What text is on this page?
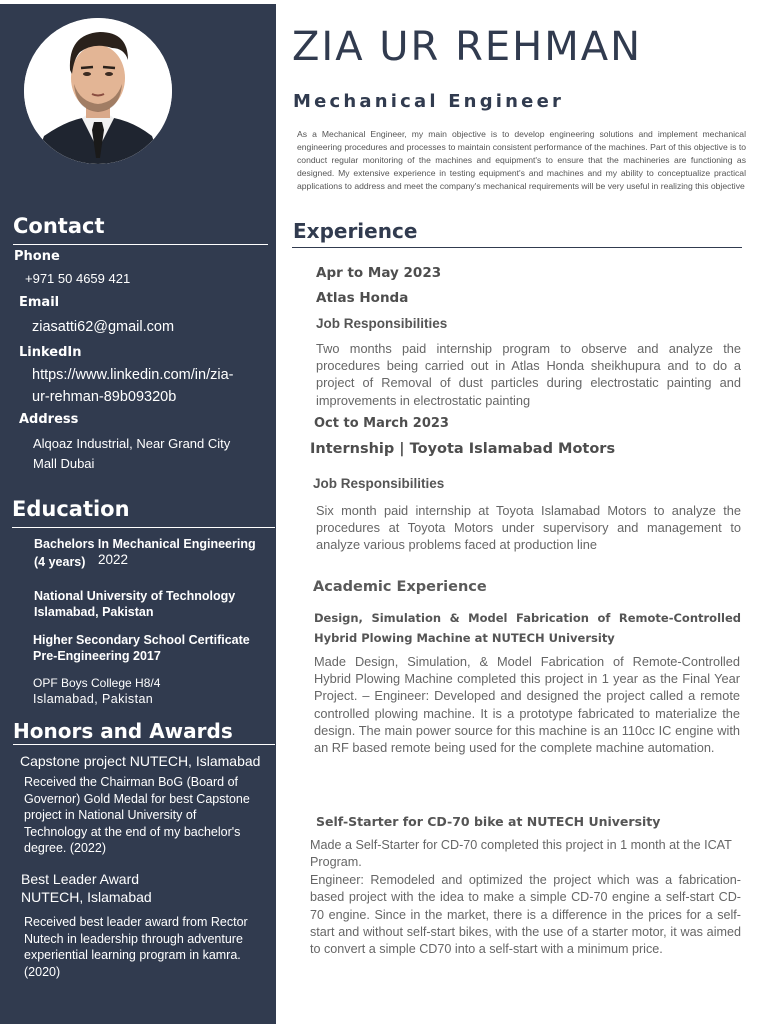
Contact
Phone
+971 50 4659 421
Email
ziasatti62@gmail.com
LinkedIn
https://www.linkedin.com/in/zia-
ur-rehman-89b09320b
Address
Alqoaz Industrial, Near Grand City
Mall Dubai
Education
Bachelors In Mechanical Engineering
(4 years) 2022
National University of Technology
Islamabad, Pakistan
Higher Secondary School Certificate
Pre-Engineering 2017
OPF Boys College H8/4
Islamabad, Pakistan
Honors and Awards
Capstone project NUTECH, Islamabad
Received the Chairman BoG (Board of Governor) Gold Medal for best Capstone project in National University of Technology at the end of my bachelor's degree. (2022)
Best Leader Award
NUTECH, Islamabad
Received best leader award from Rector Nutech in leadership through adventure experiential learning program in kamra. (2020)
ZIA UR REHMAN
Mechanical Engineer
As a Mechanical Engineer, my main objective is to develop engineering solutions and implement mechanical engineering procedures and processes to maintain consistent performance of the machines. Part of this objective is to conduct regular monitoring of the machines and equipment's to ensure that the machineries are functioning as designed. My extensive experience in testing equipment's and machines and my ability to conceptualize practical applications to address and meet the company's mechanical requirements will be very useful in realizing this objective
Experience
Apr to May 2023
Atlas Honda
Job Responsibilities
Two months paid internship program to observe and analyze the procedures being carried out in Atlas Honda sheikhupura and to do a project of Removal of dust particles during electrostatic painting and improvements in electrostatic painting
Oct to March 2023
Internship | Toyota Islamabad Motors
Job Responsibilities
Six month paid internship at Toyota Islamabad Motors to analyze the procedures at Toyota Motors under supervisory and management to analyze various problems faced at production line
Academic Experience
Design, Simulation & Model Fabrication of Remote-Controlled Hybrid Plowing Machine at NUTECH University
Made Design, Simulation, & Model Fabrication of Remote-Controlled Hybrid Plowing Machine completed this project in 1 year as the Final Year Project. – Engineer: Developed and designed the project called a remote controlled plowing machine. It is a prototype fabricated to materialize the design. The main power source for this machine is an 110cc IC engine with an RF based remote being used for the complete machine automation.
Self-Starter for CD-70 bike at NUTECH University
Made a Self-Starter for CD-70 completed this project in 1 month at the ICAT Program.
Engineer: Remodeled and optimized the project which was a fabrication-based project with the idea to make a simple CD-70 engine a self-start CD-70 engine. Since in the market, there is a difference in the prices for a self-start and without self-start bikes, with the use of a starter motor, it was aimed to convert a simple CD70 into a self-start with a minimum price.
